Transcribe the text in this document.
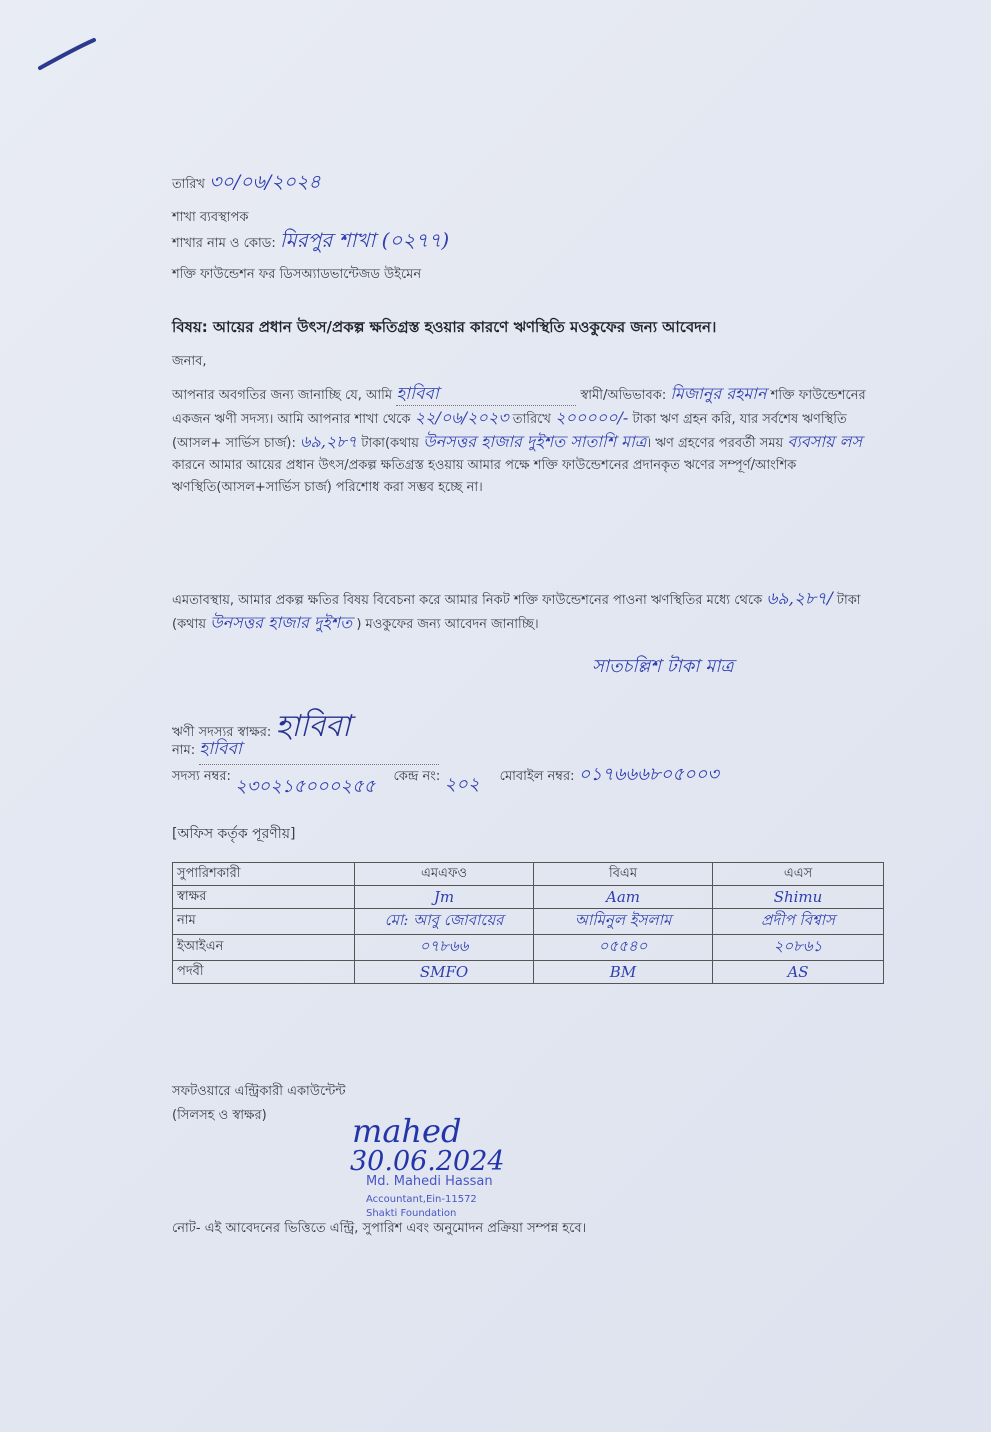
তারিখ ৩০/০৬/২০২৪
শাখা ব্যবস্থাপক
শাখার নাম ও কোড: মিরপুর শাখা (০২৭৭)
শক্তি ফাউন্ডেশন ফর ডিসঅ্যাডভান্টেজড উইমেন
বিষয়: আয়ের প্রধান উৎস/প্রকল্প ক্ষতিগ্রস্ত হওয়ার কারণে ঋণস্থিতি মওকুফের জন্য আবেদন।
জনাব,
আপনার অবগতির জন্য জানাচ্ছি যে, আমি হাবিবা	স্বামী/অভিভাবক: মিজানুর রহমান শক্তি ফাউন্ডেশনের একজন ঋণী সদস্য। আমি আপনার শাখা থেকে ২২/০৬/২০২৩ তারিখে ২০০০০০/- টাকা ঋণ গ্রহন করি, যার সর্বশেষ ঋণস্থিতি (আসল+ সার্ভিস চার্জ): ৬৯,২৮৭ টাকা(কথায় উনসত্তর হাজার দুইশত সাতাশি মাত্র। ঋণ গ্রহণের পরবর্তী সময় ব্যবসায় লস কারনে আমার আয়ের প্রধান উৎস/প্রকল্প ক্ষতিগ্রস্ত হওয়ায় আমার পক্ষে শক্তি ফাউন্ডেশনের প্রদানকৃত ঋণের সম্পূর্ণ/আংশিক ঋণস্থিতি(আসল+সার্ভিস চার্জ) পরিশোধ করা সম্ভব হচ্ছে না।
এমতাবস্থায়, আমার প্রকল্প ক্ষতির বিষয় বিবেচনা করে আমার নিকট শক্তি ফাউন্ডেশনের পাওনা ঋণস্থিতির মধ্যে থেকে ৬৯,২৮৭/ টাকা (কথায় উনসত্তর হাজার দুইশত ) মওকুফের জন্য আবেদন জানাচ্ছি।
সাতচল্লিশ টাকা মাত্র
ঋণী সদস্যর স্বাক্ষর: হাবিবা
নাম: হাবিবা
সদস্য নম্বর: ২৩০২১৫০০০২৫৫ কেন্দ্র নং: ২০২ মোবাইল নম্বর: ০১৭৬৬৬৮০৫০০৩
[অফিস কর্তৃক পূরণীয়]
সুপারিশকারী	এমএফও	বিএম	এএস
স্বাক্ষর	Jm	Aam	Shimu
নাম	মো: আবু জোবায়ের	আমিনুল ইসলাম	প্রদীপ বিশ্বাস
ইআইএন	০৭৮৬৬	০৫৫৪০	২০৮৬১
পদবী	SMFO	BM	AS
সফটওয়ারে এন্ট্রিকারী একাউন্টেন্ট
(সিলসহ ও স্বাক্ষর)	mahed
30.06.2024
Md. Mahedi Hassan
Accountant,Ein-11572
Shakti Foundation
নোট- এই আবেদনের ভিত্তিতে এন্ট্রি, সুপারিশ এবং অনুমোদন প্রক্রিয়া সম্পন্ন হবে।
